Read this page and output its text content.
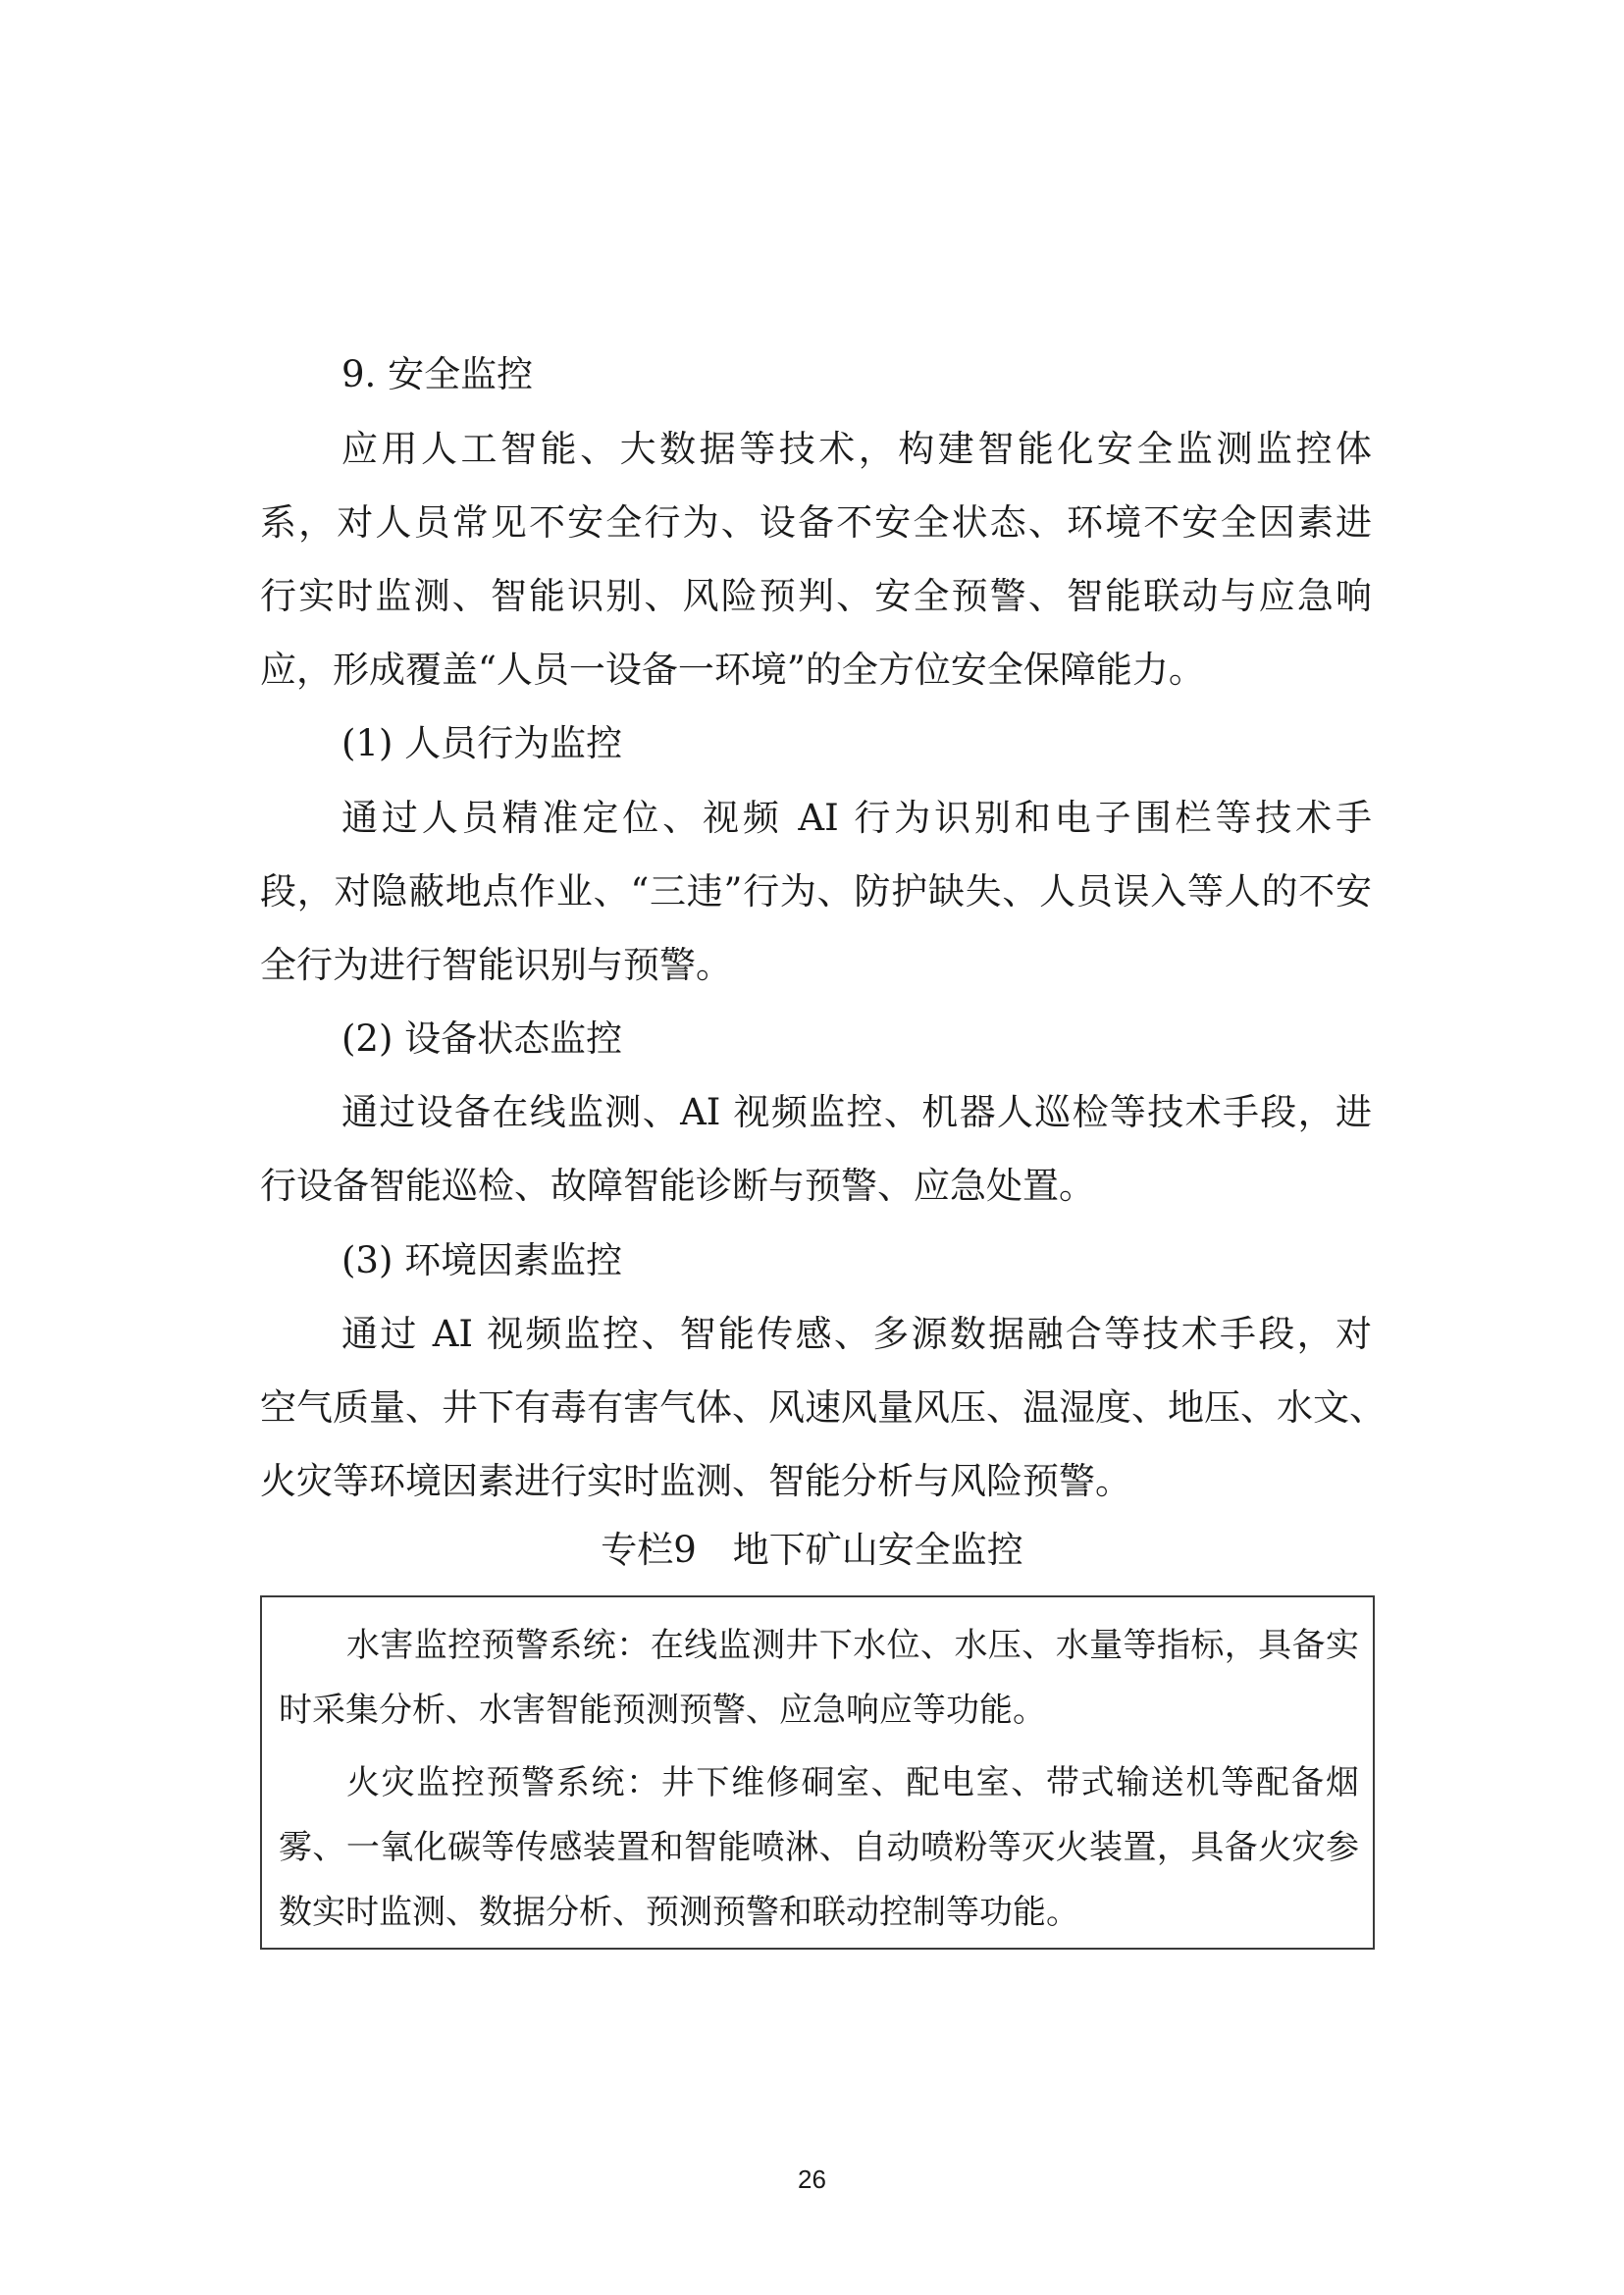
9. 安全监控

应用人工智能、大数据等技术，构建智能化安全监测监控体

系，对人员常见不安全行为、设备不安全状态、环境不安全因素进

行实时监测、智能识别、风险预判、安全预警、智能联动与应急响

应，形成覆盖“人员一设备一环境”的全方位安全保障能力。

(1) 人员行为监控

通过人员精准定位、视频 AI 行为识别和电子围栏等技术手

段，对隐蔽地点作业、“三违”行为、防护缺失、人员误入等人的不安

全行为进行智能识别与预警。

(2) 设备状态监控

通过设备在线监测、AI 视频监控、机器人巡检等技术手段，进

行设备智能巡检、故障智能诊断与预警、应急处置。

(3) 环境因素监控

通过 AI 视频监控、智能传感、多源数据融合等技术手段，对

空气质量、井下有毒有害气体、风速风量风压、温湿度、地压、水文、

火灾等环境因素进行实时监测、智能分析与风险预警。

专栏9　地下矿山安全监控

水害监控预警系统：在线监测井下水位、水压、水量等指标，具备实

时采集分析、水害智能预测预警、应急响应等功能。

火灾监控预警系统：井下维修硐室、配电室、带式输送机等配备烟

雾、一氧化碳等传感装置和智能喷淋、自动喷粉等灭火装置，具备火灾参

数实时监测、数据分析、预测预警和联动控制等功能。

26
